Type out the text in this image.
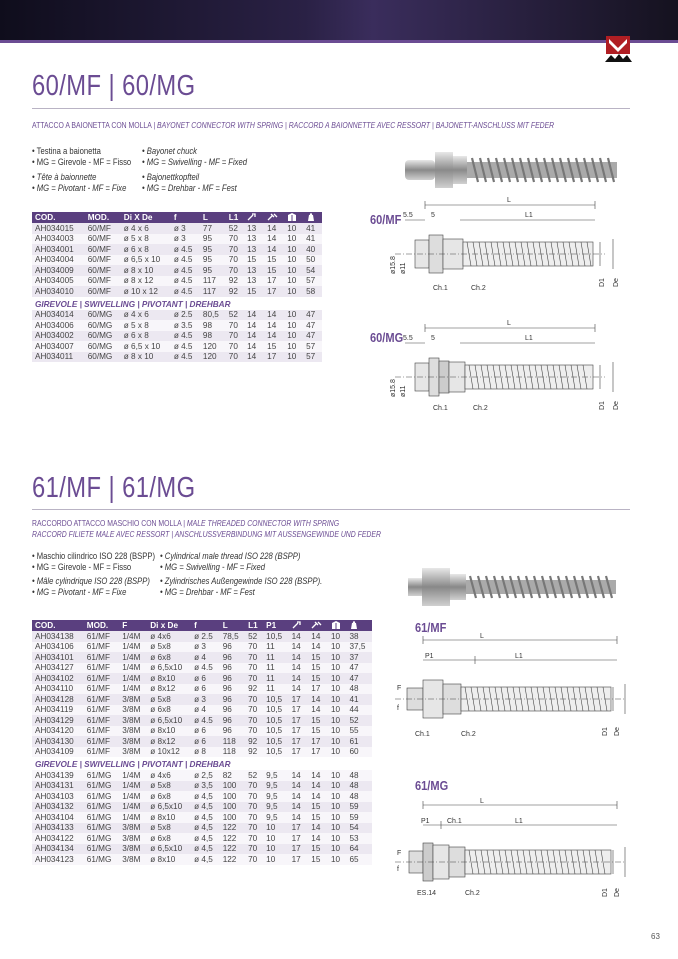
60/MF | 60/MG
ATTACCO A BAIONETTA CON MOLLA | BAYONET CONNECTOR WITH SPRING | RACCORD A BAIONNETTE AVEC RESSORT | BAJONETT-ANSCHLUSS MIT FEDER
• Testina a baionetta
• MG = Girevole - MF = Fisso
• Tête à baionnette
• MG = Pivotant - MF = Fixe
• Bayonet chuck
• MG = Swivelling - MF = Fixed
• Bajonettkopfteil
• MG = Drehbar - MF = Fest
COD.	MOD.	Di X De	f	L	L1				
AH034015	60/MF	ø 4 x 6	ø 3	77	52	13	14	10	41
AH034003	60/MF	ø 5 x 8	ø 3	95	70	13	14	10	41
AH034001	60/MF	ø 6 x 8	ø 4.5	95	70	13	14	10	40
AH034004	60/MF	ø 6,5 x 10	ø 4.5	95	70	15	15	10	50
AH034009	60/MF	ø 8 x 10	ø 4.5	95	70	13	15	10	54
AH034005	60/MF	ø 8 x 12	ø 4.5	117	92	13	17	10	57
AH034010	60/MF	ø 10 x 12	ø 4.5	117	92	15	17	10	58
GIREVOLE | SWIVELLING | PIVOTANT | DREHBAR									
AH034014	60/MG	ø 4 x 6	ø 2.5	80,5	52	14	14	10	47
AH034006	60/MG	ø 5 x 8	ø 3.5	98	70	14	14	10	47
AH034002	60/MG	ø 6 x 8	ø 4.5	98	70	14	14	10	47
AH034007	60/MG	ø 6,5 x 10	ø 4.5	120	70	14	15	10	57
AH034011	60/MG	ø 8 x 10	ø 4.5	120	70	14	17	10	57
60/MF
L
L1
5.5	5
Ch.1	Ch.2
ø15.8 ø11
D1 De
60/MG
L
L1
5.5	5
Ch.1	Ch.2
ø15.8 ø11
D1 De
61/MF | 61/MG
RACCORDO ATTACCO MASCHIO CON MOLLA | MALE THREADED CONNECTOR WITH SPRING
RACCORD FILIETE MALE AVEC RESSORT | ANSCHLUSSVERBINDUNG MIT AUSSENGEWINDE UND FEDER
• Maschio cilindrico ISO 228 (BSPP)
• MG = Girevole - MF = Fisso
• Mâle cylindrique ISO 228 (BSPP)
• MG = Pivotant - MF = Fixe
• Cylindrical male thread ISO 228 (BSPP)
• MG = Swivelling - MF = Fixed
• Zylindrisches Außengewinde ISO 228 (BSPP).
• MG = Drehbar - MF = Fest
COD.	MOD.	F	Di x De	f	L	L1	P1				
AH034138	61/MF	1/4M	ø 4x6	ø 2.5	78,5	52	10,5	14	14	10	38
AH034106	61/MF	1/4M	ø 5x8	ø 3	96	70	11	14	14	10	37,5
AH034101	61/MF	1/4M	ø 6x8	ø 4	96	70	11	14	15	10	37
AH034127	61/MF	1/4M	ø 6,5x10	ø 4.5	96	70	11	14	15	10	47
AH034102	61/MF	1/4M	ø 8x10	ø 6	96	70	11	14	15	10	47
AH034110	61/MF	1/4M	ø 8x12	ø 6	96	92	11	14	17	10	48
AH034128	61/MF	3/8M	ø 5x8	ø 3	96	70	10,5	17	14	10	41
AH034119	61/MF	3/8M	ø 6x8	ø 4	96	70	10,5	17	14	10	44
AH034129	61/MF	3/8M	ø 6,5x10	ø 4.5	96	70	10,5	17	15	10	52
AH034120	61/MF	3/8M	ø 8x10	ø 6	96	70	10,5	17	15	10	55
AH034130	61/MF	3/8M	ø 8x12	ø 6	118	92	10,5	17	17	10	61
AH034109	61/MF	3/8M	ø 10x12	ø 8	118	92	10,5	17	17	10	60
GIREVOLE | SWIVELLING | PIVOTANT | DREHBAR											
AH034139	61/MG	1/4M	ø 4x6	ø 2,5	82	52	9,5	14	14	10	48
AH034131	61/MG	1/4M	ø 5x8	ø 3,5	100	70	9,5	14	14	10	48
AH034103	61/MG	1/4M	ø 6x8	ø 4,5	100	70	9,5	14	14	10	48
AH034132	61/MG	1/4M	ø 6,5x10	ø 4,5	100	70	9,5	14	15	10	59
AH034104	61/MG	1/4M	ø 8x10	ø 4,5	100	70	9,5	14	15	10	59
AH034133	61/MG	3/8M	ø 5x8	ø 4,5	122	70	10	17	14	10	54
AH034122	61/MG	3/8M	ø 6x8	ø 4,5	122	70	10	17	14	10	53
AH034134	61/MG	3/8M	ø 6,5x10	ø 4,5	122	70	10	17	15	10	64
AH034123	61/MG	3/8M	ø 8x10	ø 4,5	122	70	10	17	15	10	65
61/MF
L
L1
P1
F
f
Ch.1	Ch.2	D1 De
61/MG
L
L1
P1 Ch.1
F
f
ES.14	Ch.2	D1 De
63
